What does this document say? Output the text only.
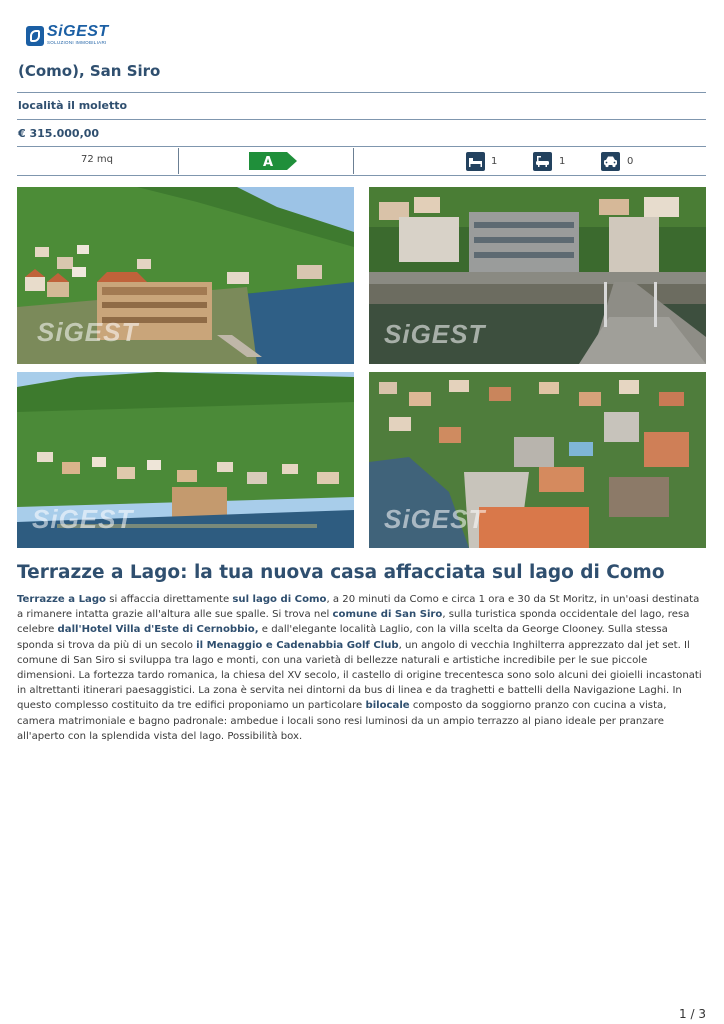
SiGEST
SOLUZIONI IMMOBILIARI
(Como), San Siro
località il moletto
€ 315.000,00
72 mq	A	1	1	0
SiGEST	SiGEST
SiGEST	SiGEST
Terrazze a Lago: la tua nuova casa affacciata sul lago di Como
Terrazze a Lago si affaccia direttamente sul lago di Como, a 20 minuti da Como e circa 1 ora e 30 da St Moritz, in un'oasi destinata a rimanere intatta grazie all'altura alle sue spalle. Si trova nel comune di San Siro, sulla turistica sponda occidentale del lago, resa celebre dall'Hotel Villa d'Este di Cernobbio, e dall'elegante località Laglio, con la villa scelta da George Clooney. Sulla stessa sponda si trova da più di un secolo il Menaggio e Cadenabbia Golf Club, un angolo di vecchia Inghilterra apprezzato dal jet set. Il comune di San Siro si sviluppa tra lago e monti, con una varietà di bellezze naturali e artistiche incredibile per le sue piccole dimensioni. La fortezza tardo romanica, la chiesa del XV secolo, il castello di origine trecentesca sono solo alcuni dei gioielli incastonati in altrettanti itinerari paesaggistici. La zona è servita nei dintorni da bus di linea e da traghetti e battelli della Navigazione Laghi. In questo complesso costituito da tre edifici proponiamo un particolare bilocale composto da soggiorno pranzo con cucina a vista, camera matrimoniale e bagno padronale: ambedue i locali sono resi luminosi da un ampio terrazzo al piano ideale per pranzare all'aperto con la splendida vista del lago. Possibilità box.
1 / 3
